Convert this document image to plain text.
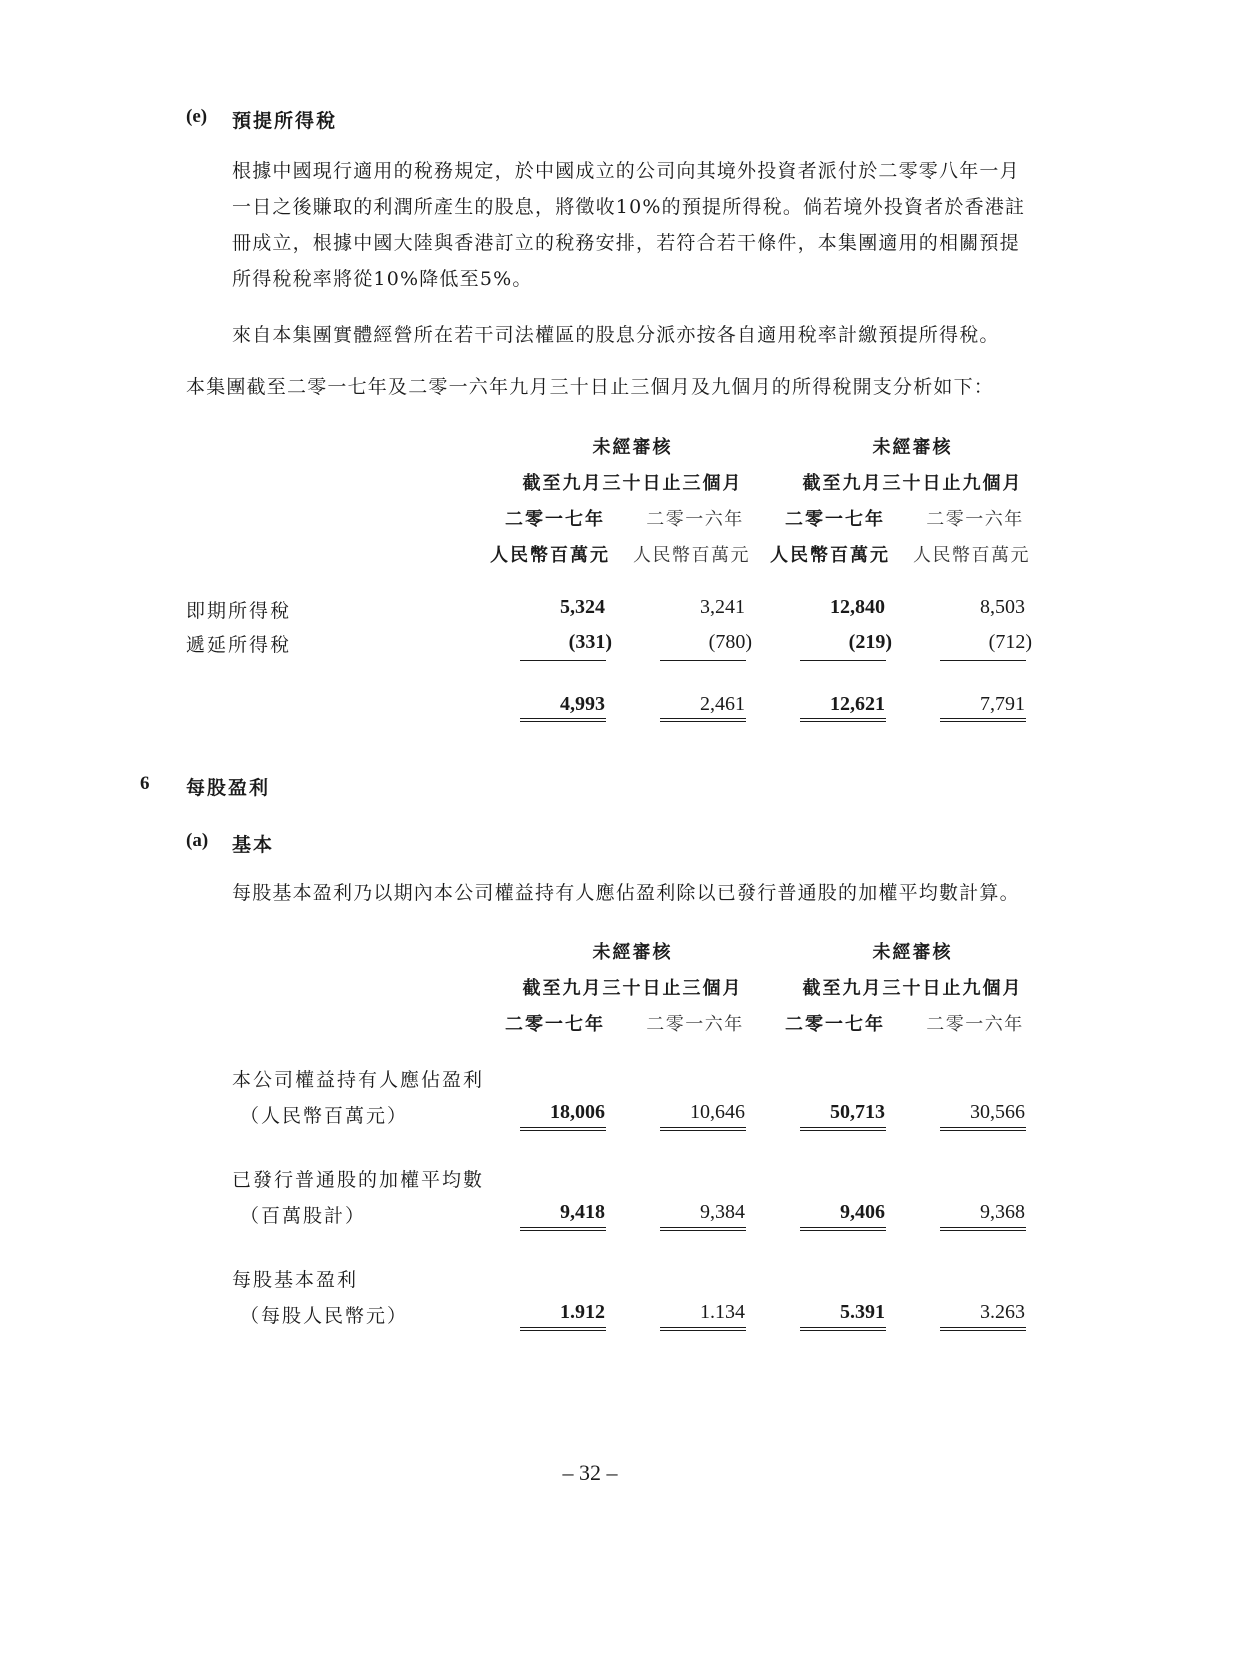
(e) 預提所得稅
根據中國現行適用的稅務規定，於中國成立的公司向其境外投資者派付於二零零八年一月
一日之後賺取的利潤所產生的股息，將徵收10%的預提所得稅。倘若境外投資者於香港註
冊成立，根據中國大陸與香港訂立的稅務安排，若符合若干條件，本集團適用的相關預提
所得稅稅率將從10%降低至5%。
來自本集團實體經營所在若干司法權區的股息分派亦按各自適用稅率計繳預提所得稅。
本集團截至二零一七年及二零一六年九月三十日止三個月及九個月的所得稅開支分析如下：
未經審核	未經審核
截至九月三十日止三個月	截至九月三十日止九個月
二零一七年	二零一六年	二零一七年	二零一六年
人民幣百萬元	人民幣百萬元	人民幣百萬元	人民幣百萬元
即期所得稅	5,324	3,241	12,840	8,503
遞延所得稅	(331)	(780)	(219)	(712)
4,993	2,461	12,621	7,791
6 每股盈利
(a) 基本
每股基本盈利乃以期內本公司權益持有人應佔盈利除以已發行普通股的加權平均數計算。
未經審核	未經審核
截至九月三十日止三個月	截至九月三十日止九個月
二零一七年	二零一六年	二零一七年	二零一六年
本公司權益持有人應佔盈利
（人民幣百萬元）	18,006	10,646	50,713	30,566
已發行普通股的加權平均數
（百萬股計）	9,418	9,384	9,406	9,368
每股基本盈利
（每股人民幣元）	1.912	1.134	5.391	3.263
– 32 –
